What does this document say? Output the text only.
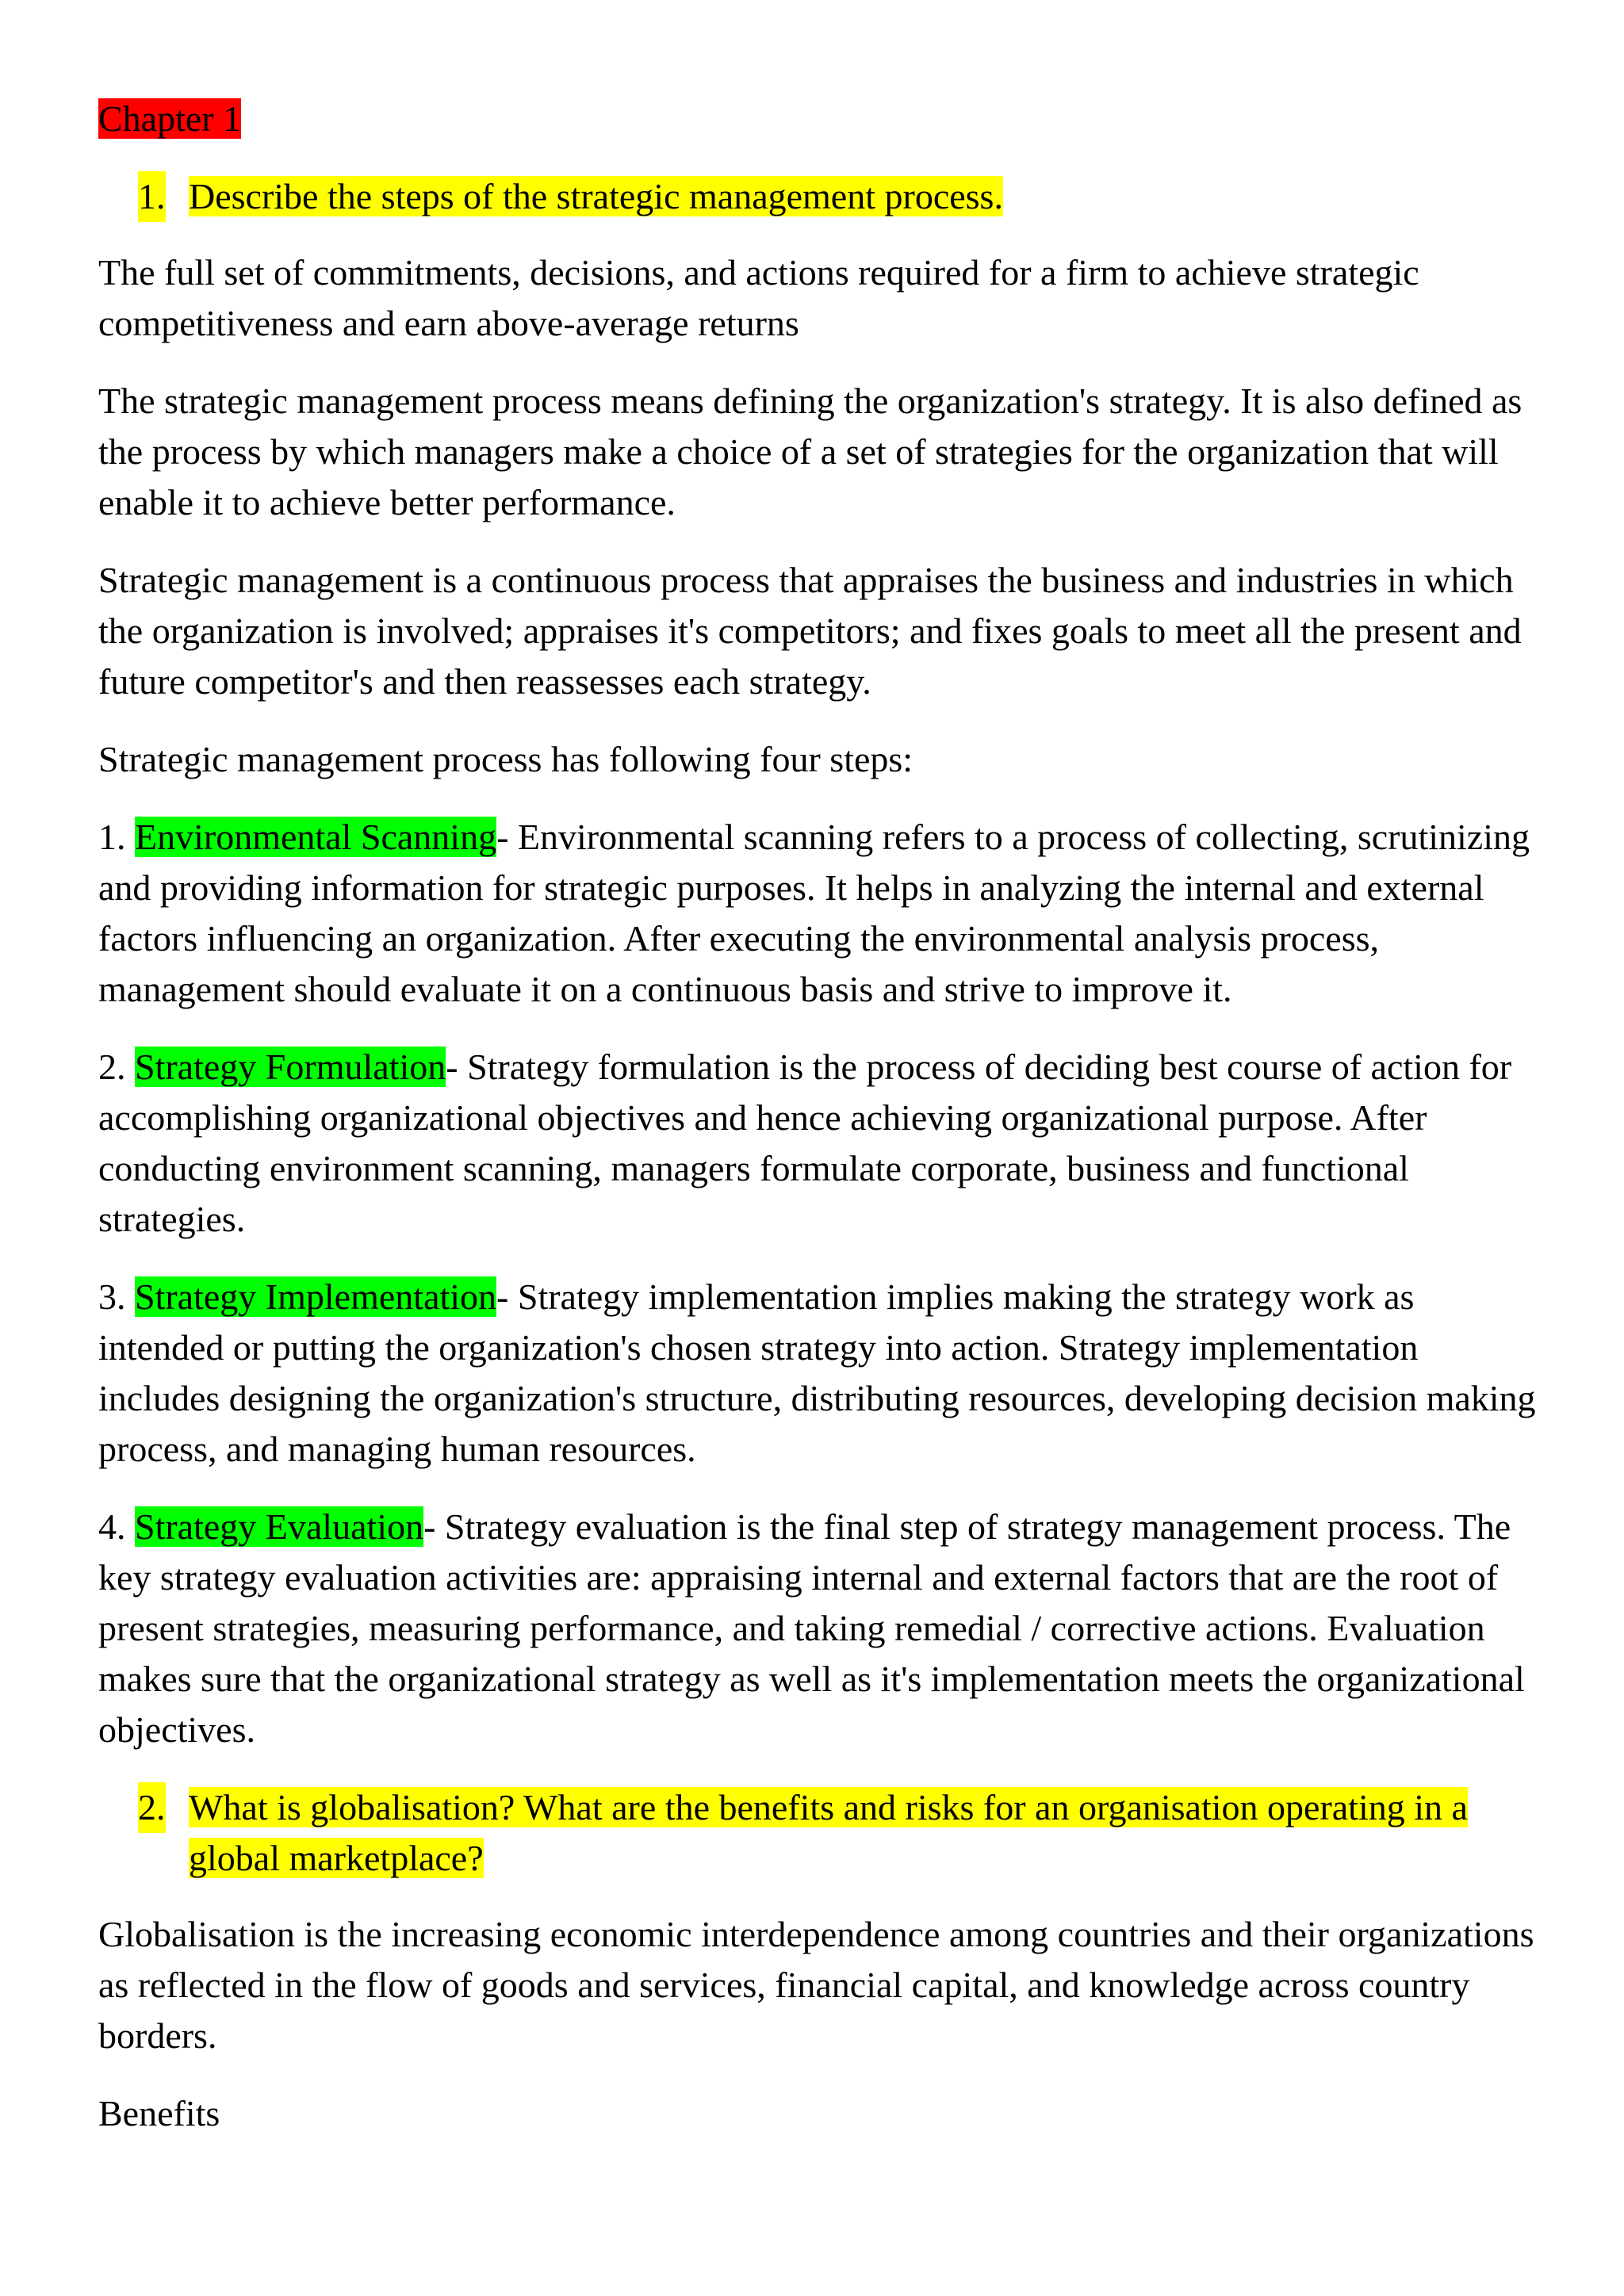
Chapter 1
1. Describe the steps of the strategic management process.

The full set of commitments, decisions, and actions required for a firm to achieve strategic competitiveness and earn above-average returns

The strategic management process means defining the organization's strategy. It is also defined as the process by which managers make a choice of a set of strategies for the organization that will enable it to achieve better performance.

Strategic management is a continuous process that appraises the business and industries in which the organization is involved; appraises it's competitors; and fixes goals to meet all the present and future competitor's and then reassesses each strategy.

Strategic management process has following four steps:

1. Environmental Scanning- Environmental scanning refers to a process of collecting, scrutinizing and providing information for strategic purposes. It helps in analyzing the internal and external factors influencing an organization. After executing the environmental analysis process, management should evaluate it on a continuous basis and strive to improve it.

2. Strategy Formulation- Strategy formulation is the process of deciding best course of action for accomplishing organizational objectives and hence achieving organizational purpose. After conducting environment scanning, managers formulate corporate, business and functional strategies.

3. Strategy Implementation- Strategy implementation implies making the strategy work as intended or putting the organization's chosen strategy into action. Strategy implementation includes designing the organization's structure, distributing resources, developing decision making process, and managing human resources.

4. Strategy Evaluation- Strategy evaluation is the final step of strategy management process. The key strategy evaluation activities are: appraising internal and external factors that are the root of present strategies, measuring performance, and taking remedial / corrective actions. Evaluation makes sure that the organizational strategy as well as it's implementation meets the organizational objectives.

2. What is globalisation? What are the benefits and risks for an organisation operating in a global marketplace?

Globalisation is the increasing economic interdependence among countries and their organizations as reflected in the flow of goods and services, financial capital, and knowledge across country borders.

Benefits
